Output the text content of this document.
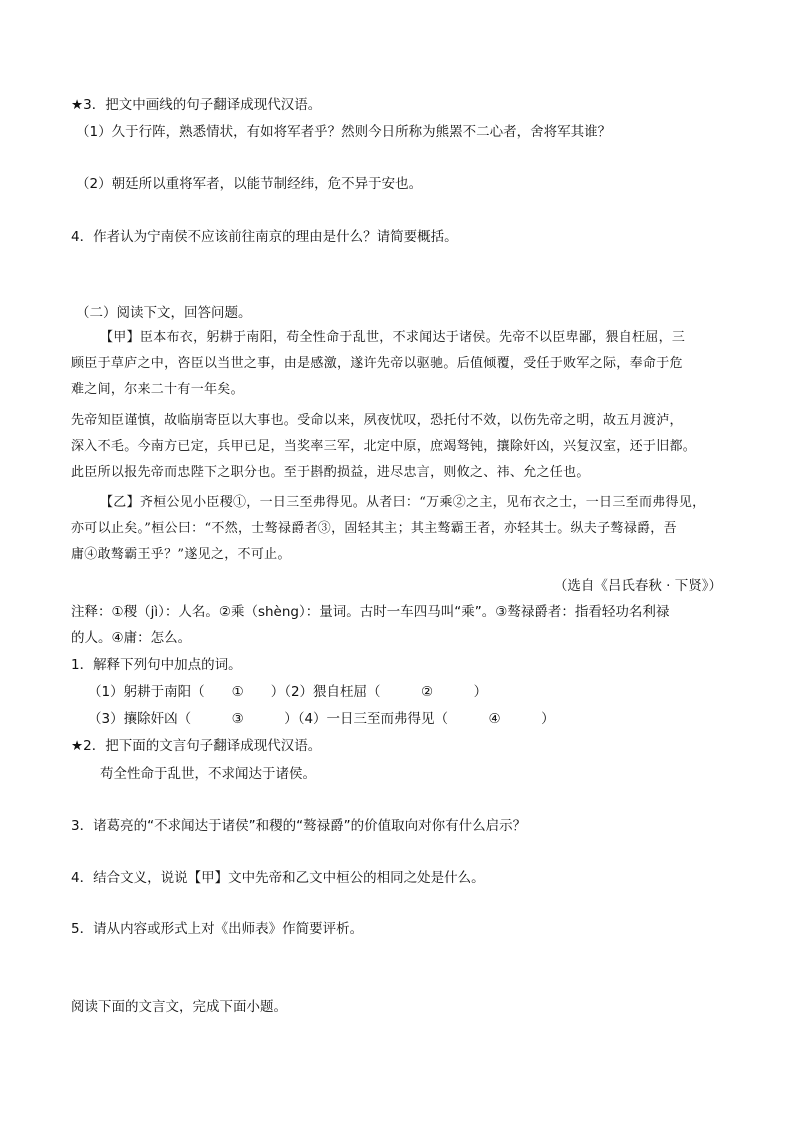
★3．把文中画线的句子翻译成现代汉语。
（1）久于行阵，熟悉情状，有如将军者乎？然则今日所称为熊罴不二心者，舍将军其谁？
（2）朝廷所以重将军者，以能节制经纬，危不异于安也。
4．作者认为宁南侯不应该前往南京的理由是什么？请简要概括。
（二）阅读下文，回答问题。
【甲】臣本布衣，躬耕于南阳，苟全性命于乱世，不求闻达于诸侯。先帝不以臣卑鄙，猥自枉屈，三
顾臣于草庐之中，咨臣以当世之事，由是感激，遂许先帝以驱驰。后值倾覆，受任于败军之际，奉命于危
难之间，尔来二十有一年矣。
先帝知臣谨慎，故临崩寄臣以大事也。受命以来，夙夜忧叹，恐托付不效，以伤先帝之明，故五月渡泸，
深入不毛。今南方已定，兵甲已足，当奖率三军，北定中原，庶竭驽钝，攘除奸凶，兴复汉室，还于旧都。
此臣所以报先帝而忠陛下之职分也。至于斟酌损益，进尽忠言，则攸之、祎、允之任也。
【乙】齐桓公见小臣稷①，一日三至弗得见。从者曰：“万乘②之主，见布衣之士，一日三至而弗得见，
亦可以止矣。”桓公曰：“不然，士骜禄爵者③，固轻其主；其主骜霸王者，亦轻其士。纵夫子骜禄爵，吾
庸④敢骜霸王乎？”遂见之，不可止。
（选自《吕氏春秋 · 下贤》）
注释：①稷（jì）：人名。②乘（shèng）：量词。古时一车四马叫“乘”。③骜禄爵者：指看轻功名利禄
的人。④庸：怎么。
1．解释下列句中加点的词。
（1）躬耕于南阳（　　①　　）（2）猥自枉屈（　　　②　　　）
（3）攘除奸凶（　　　③　　　）（4）一日三至而弗得见（　　　④　　　）
★2．把下面的文言句子翻译成现代汉语。
苟全性命于乱世，不求闻达于诸侯。
3．诸葛亮的“不求闻达于诸侯”和稷的“骜禄爵”的价值取向对你有什么启示？
4．结合文义，说说【甲】文中先帝和乙文中桓公的相同之处是什么。
5．请从内容或形式上对《出师表》作简要评析。
阅读下面的文言文，完成下面小题。
